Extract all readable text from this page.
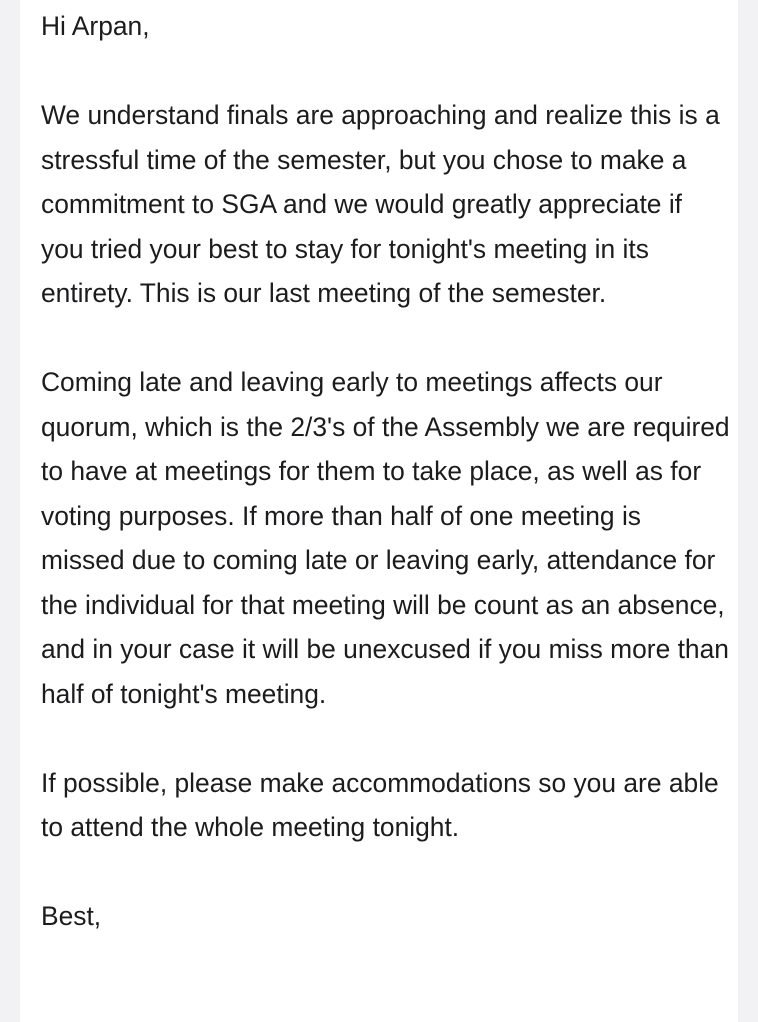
Hi Arpan,

We understand finals are approaching and realize this is a stressful time of the semester, but you chose to make a commitment to SGA and we would greatly appreciate if you tried your best to stay for tonight's meeting in its entirety. This is our last meeting of the semester.

Coming late and leaving early to meetings affects our quorum, which is the 2/3's of the Assembly we are required to have at meetings for them to take place, as well as for voting purposes. If more than half of one meeting is missed due to coming late or leaving early, attendance for the individual for that meeting will be count as an absence, and in your case it will be unexcused if you miss more than half of tonight's meeting.

If possible, please make accommodations so you are able to attend the whole meeting tonight.

Best,
